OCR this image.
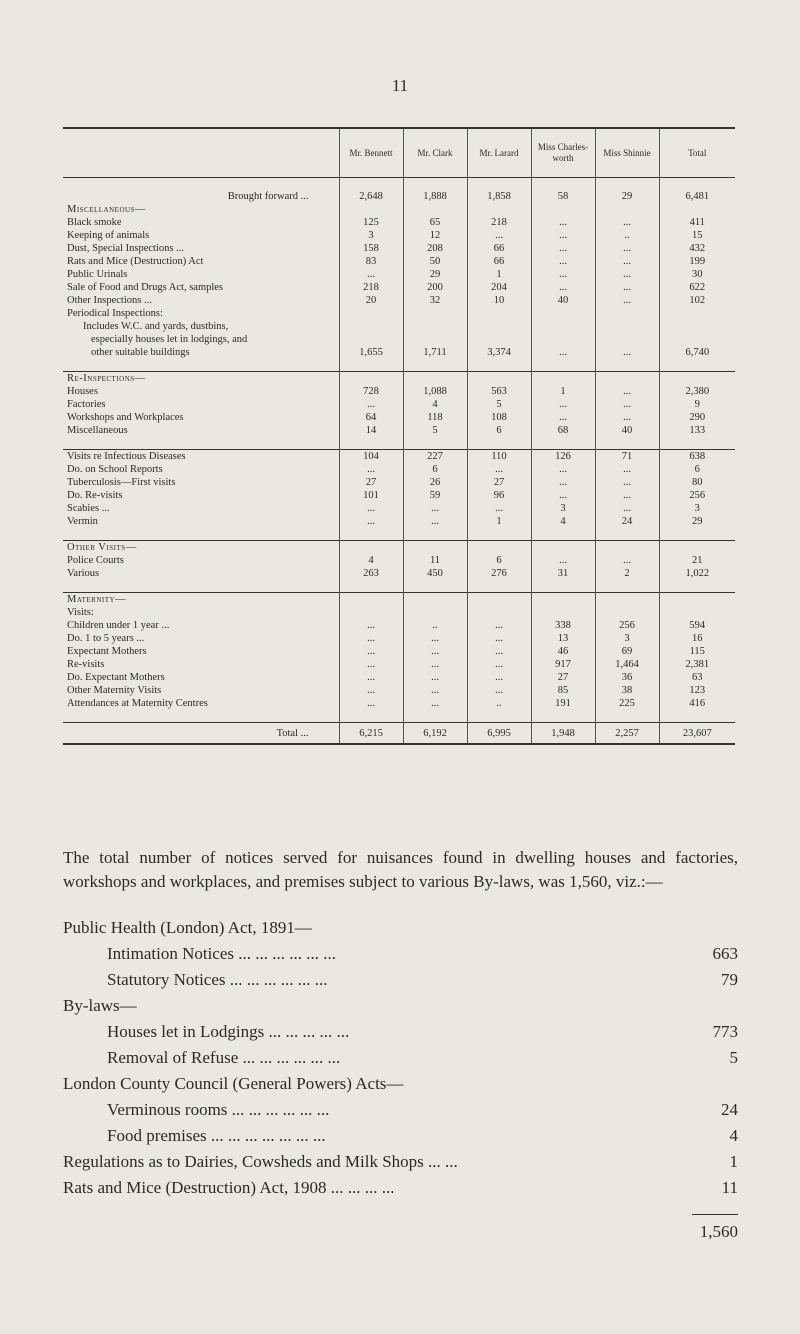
11
	Mr. Bennett	Mr. Clark	Mr. Larard	Miss Charles-worth	Miss Shinnie	Total

Brought forward ...	2,648	1,888	1,858	58	29	6,481
Miscellaneous—						
Black smoke	125	65	218	...	...	411
Keeping of animals	3	12	...	...	..	15
Dust, Special Inspections ...	158	208	66	...	...	432
Rats and Mice (Destruction) Act	83	50	66	...	...	199
Public Urinals	...	29	1	...	...	30
Sale of Food and Drugs Act, samples	218	200	204	...	...	622
Other Inspections ...	20	32	10	40	...	102
Periodical Inspections:						
Includes W.C. and yards, dustbins,						
especially houses let in lodgings, and						
other suitable buildings	1,655	1,711	3,374	...	...	6,740

Re-Inspections—						
Houses	728	1,088	563	1	...	2,380
Factories	...	4	5	...	...	9
Workshops and Workplaces	64	118	108	...	...	290
Miscellaneous	14	5	6	68	40	133

Visits re Infectious Diseases	104	227	110	126	71	638
Do. on School Reports	...	6	...	...	...	6
Tuberculosis—First visits	27	26	27	...	...	80
Do. Re-visits	101	59	96	...	...	256
Scabies ...	...	...	...	3	...	3
Vermin	...	...	1	4	24	29

Other Visits—						
Police Courts	4	11	6	...	...	21
Various	263	450	276	31	2	1,022

Maternity—						
Visits:						
Children under 1 year ...	...	..	...	338	256	594
Do. 1 to 5 years ...	...	...	...	13	3	16
Expectant Mothers	...	...	...	46	69	115
Re-visits	...	...	...	917	1,464	2,381
Do. Expectant Mothers	...	...	...	27	36	63
Other Maternity Visits	...	...	...	85	38	123
Attendances at Maternity Centres	...	...	..	191	225	416

Total ...	6,215	6,192	6,995	1,948	2,257	23,607
The total number of notices served for nuisances found in dwelling houses and factories, workshops and workplaces, and premises subject to various By-laws, was 1,560, viz.:—
Public Health (London) Act, 1891—
Intimation Notices ... ... ... ... ... ...	663
Statutory Notices ... ... ... ... ... ...	79
By-laws—
Houses let in Lodgings ... ... ... ... ...	773
Removal of Refuse ... ... ... ... ... ...	5
London County Council (General Powers) Acts—
Verminous rooms ... ... ... ... ... ...	24
Food premises ... ... ... ... ... ... ...	4
Regulations as to Dairies, Cowsheds and Milk Shops ... ...	1
Rats and Mice (Destruction) Act, 1908 ... ... ... ...	11
1,560
